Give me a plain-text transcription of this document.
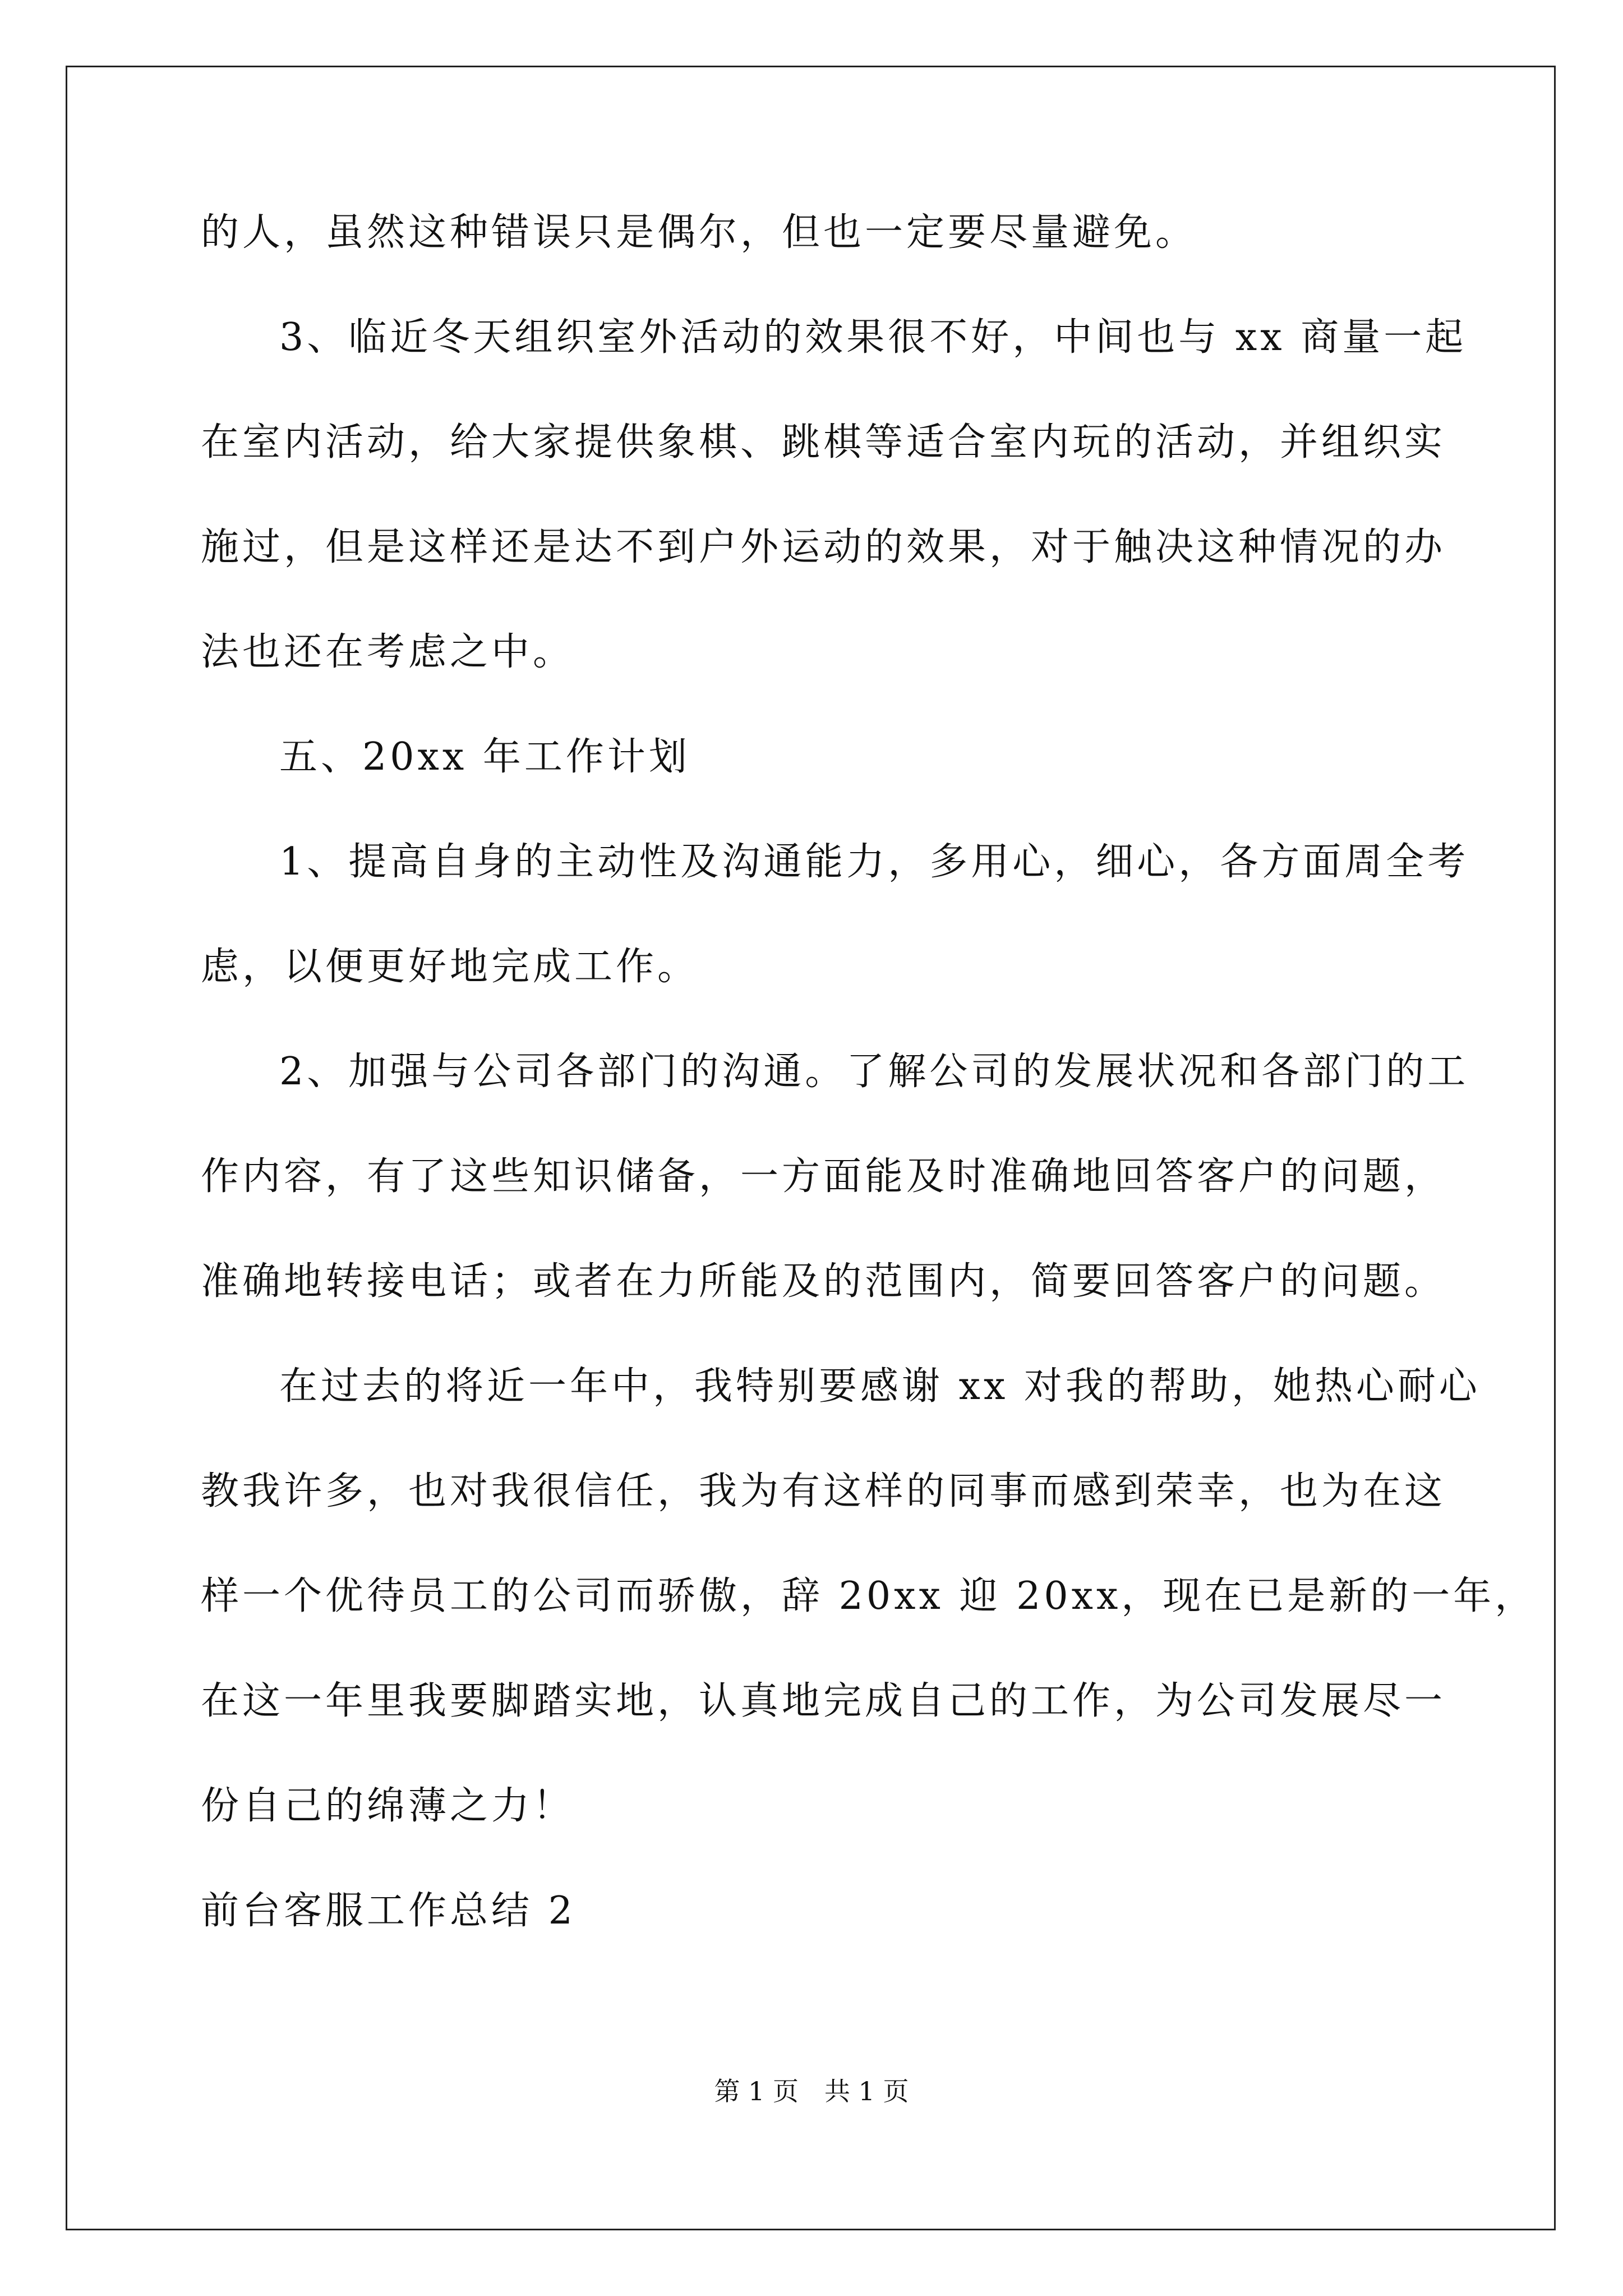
的人，虽然这种错误只是偶尔，但也一定要尽量避免。
3、临近冬天组织室外活动的效果很不好，中间也与 xx 商量一起
在室内活动，给大家提供象棋、跳棋等适合室内玩的活动，并组织实
施过，但是这样还是达不到户外运动的效果，对于触决这种情况的办
法也还在考虑之中。
五、20xx 年工作计划
1、提高自身的主动性及沟通能力，多用心，细心，各方面周全考
虑，以便更好地完成工作。
2、加强与公司各部门的沟通。了解公司的发展状况和各部门的工
作内容，有了这些知识储备，一方面能及时准确地回答客户的问题，
准确地转接电话；或者在力所能及的范围内，简要回答客户的问题。
在过去的将近一年中，我特别要感谢 xx 对我的帮助，她热心耐心
教我许多，也对我很信任，我为有这样的同事而感到荣幸，也为在这
样一个优待员工的公司而骄傲，辞 20xx 迎 20xx，现在已是新的一年，
在这一年里我要脚踏实地，认真地完成自己的工作，为公司发展尽一
份自己的绵薄之力！
前台客服工作总结 2
第 1 页　共 1 页
